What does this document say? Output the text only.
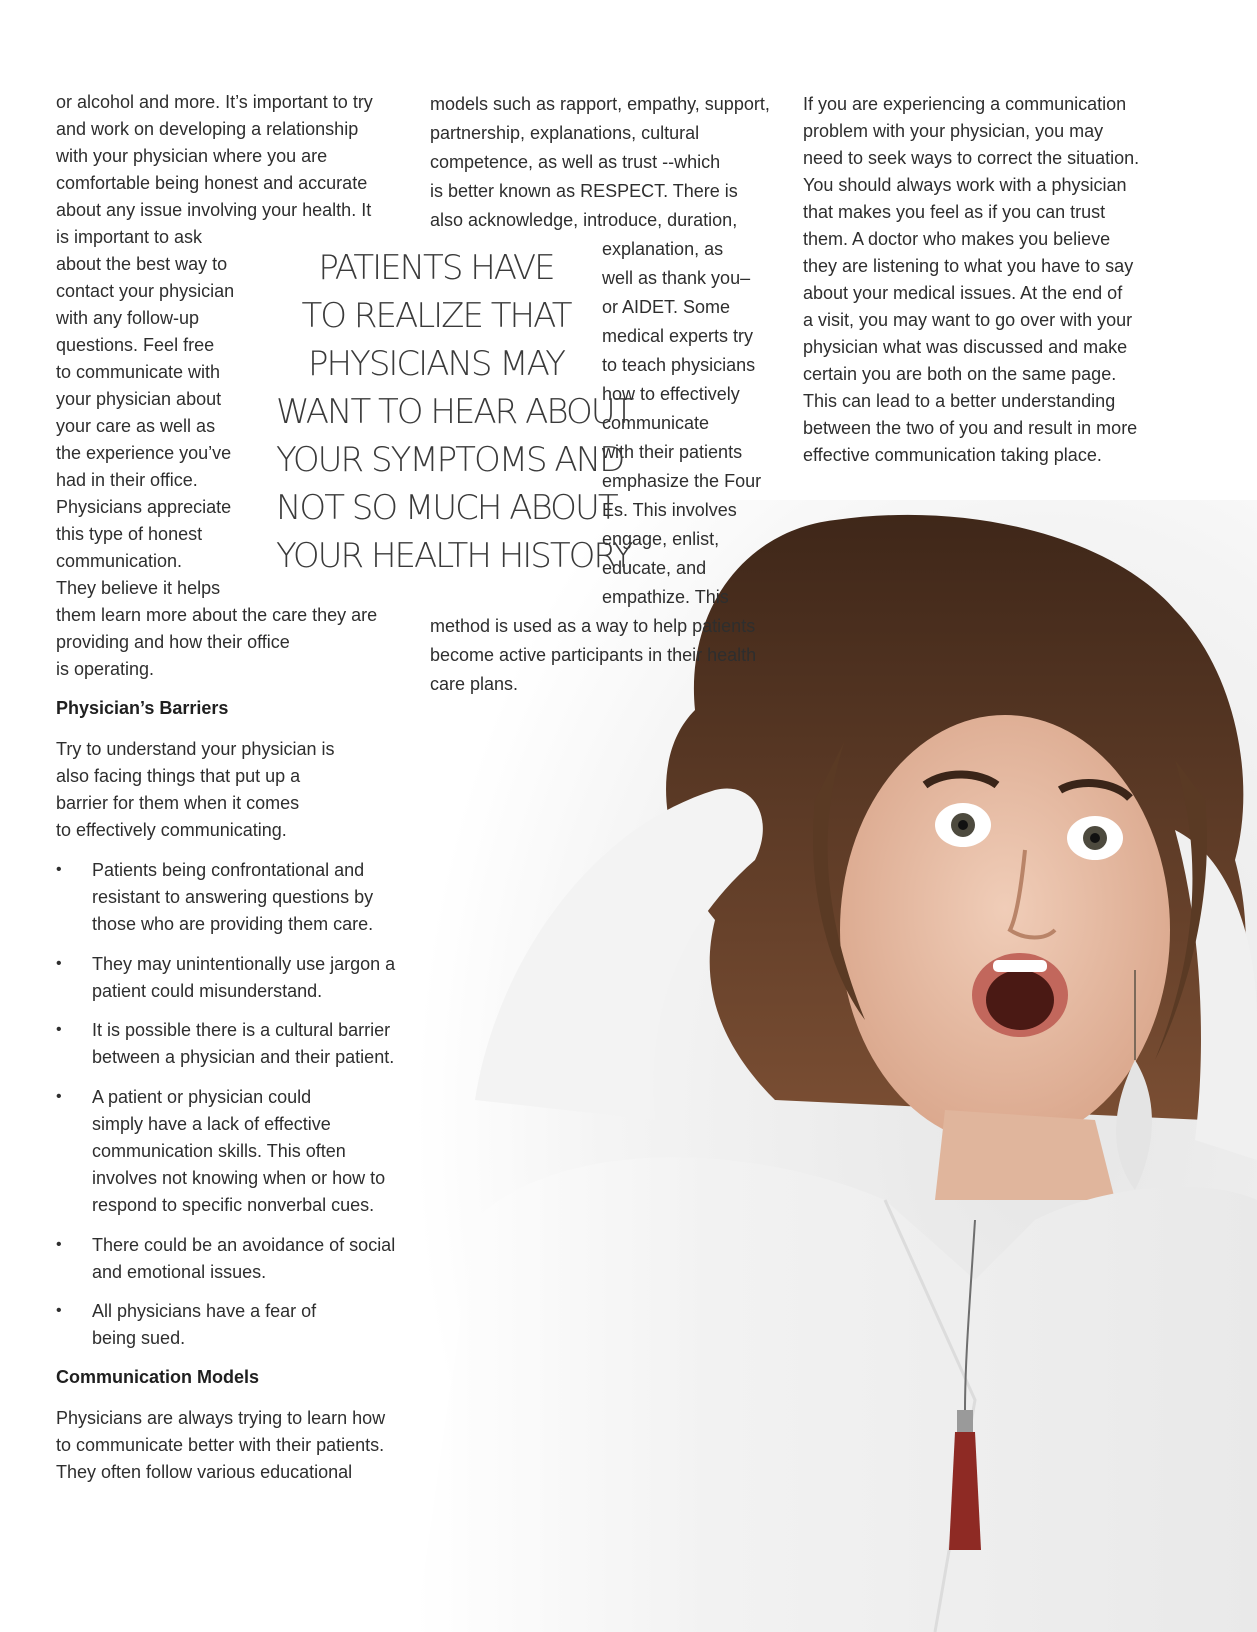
or alcohol and more. It’s important to try
and work on developing a relationship
with your physician where you are
comfortable being honest and accurate
about any issue involving your health. It
is important to ask
about the best way to
contact your physician
with any follow-up
questions. Feel free
to communicate with
your physician about
your care as well as
the experience you’ve
had in their office.
Physicians appreciate
this type of honest
communication.
They believe it helps
them learn more about the care they are
providing and how their office
is operating.
Physician’s Barriers
Try to understand your physician is
also facing things that put up a
barrier for them when it comes
to effectively communicating.
• Patients being confrontational and
resistant to answering questions by
those who are providing them care.
• They may unintentionally use jargon a
patient could misunderstand.
• It is possible there is a cultural barrier
between a physician and their patient.
• A patient or physician could
simply have a lack of effective
communication skills. This often
involves not knowing when or how to
respond to specific nonverbal cues.
• There could be an avoidance of social
and emotional issues.
• All physicians have a fear of
being sued.
Communication Models
Physicians are always trying to learn how
to communicate better with their patients.
They often follow various educational
models such as rapport, empathy, support,
partnership, explanations, cultural
competence, as well as trust --which
is better known as RESPECT. There is
also acknowledge, introduce, duration,
explanation, as
well as thank you–
or AIDET. Some
medical experts try
to teach physicians
how to effectively
communicate
with their patients
emphasize the Four
Es. This involves
engage, enlist,
educate, and
empathize. This
method is used as a way to help patients
become active participants in their health
care plans.
PATIENTS HAVE
TO REALIZE THAT
PHYSICIANS MAY
WANT TO HEAR ABOUT
YOUR SYMPTOMS AND
NOT SO MUCH ABOUT
YOUR HEALTH HISTORY.
If you are experiencing a communication
problem with your physician, you may
need to seek ways to correct the situation.
You should always work with a physician
that makes you feel as if you can trust
them. A doctor who makes you believe
they are listening to what you have to say
about your medical issues. At the end of
a visit, you may want to go over with your
physician what was discussed and make
certain you are both on the same page.
This can lead to a better understanding
between the two of you and result in more
effective communication taking place.
